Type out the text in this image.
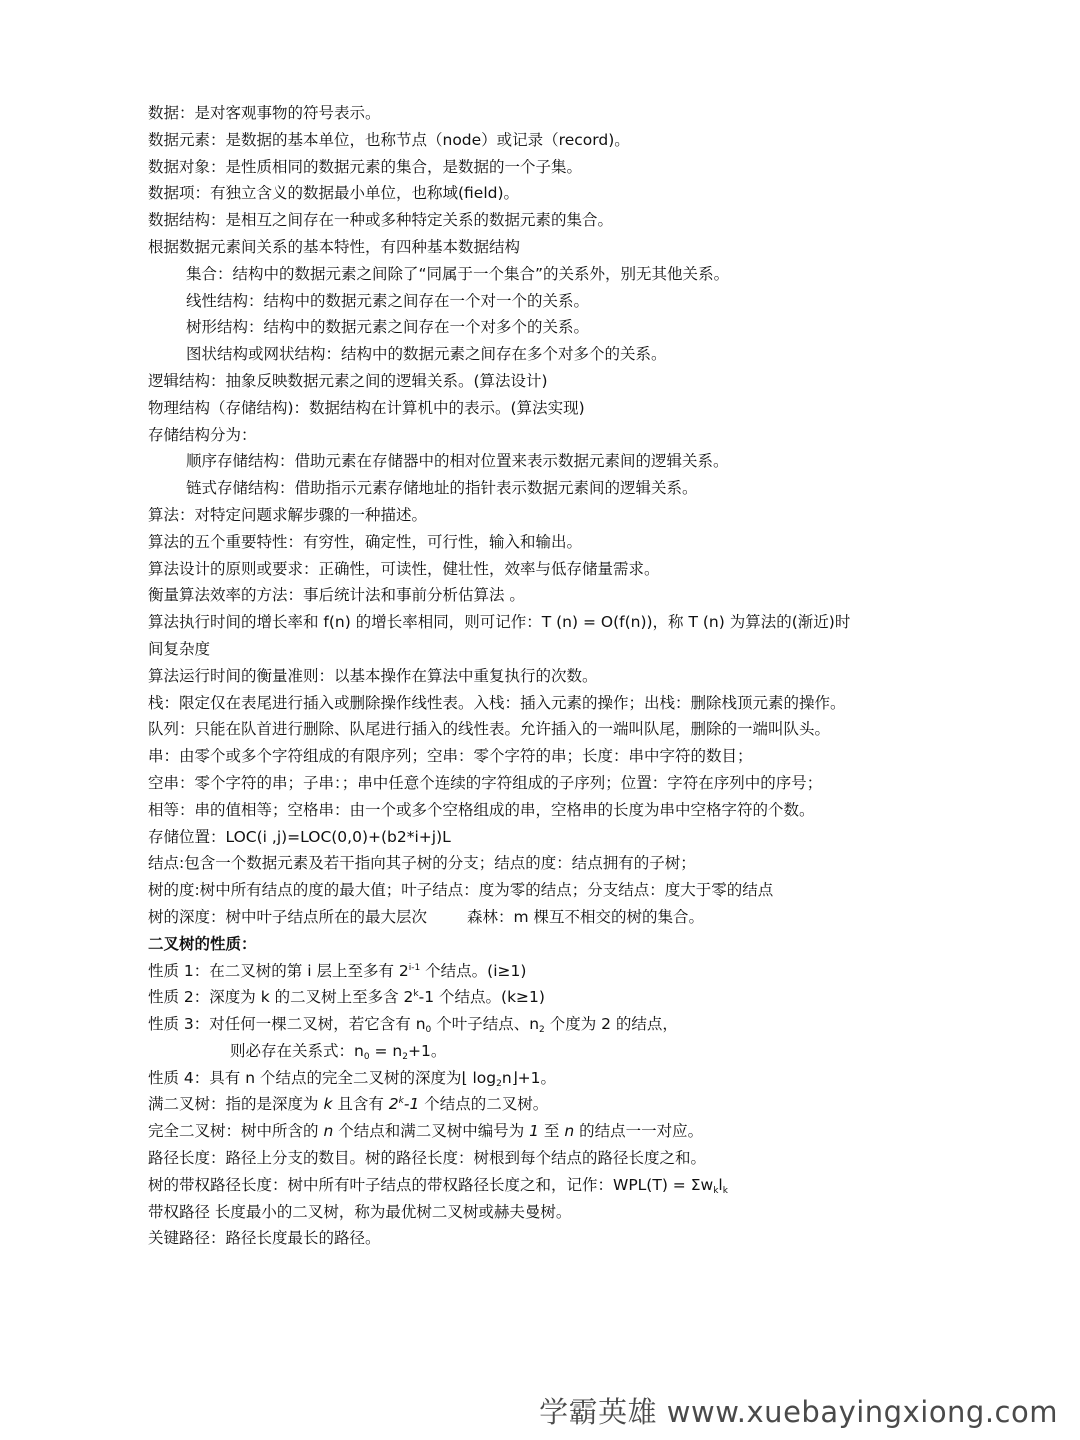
数据：是对客观事物的符号表示。
数据元素：是数据的基本单位，也称节点（node）或记录（record)。
数据对象：是性质相同的数据元素的集合，是数据的一个子集。
数据项：有独立含义的数据最小单位，也称域(field)。
数据结构：是相互之间存在一种或多种特定关系的数据元素的集合。
根据数据元素间关系的基本特性，有四种基本数据结构
集合：结构中的数据元素之间除了“同属于一个集合”的关系外，别无其他关系。
线性结构：结构中的数据元素之间存在一个对一个的关系。
树形结构：结构中的数据元素之间存在一个对多个的关系。
图状结构或网状结构：结构中的数据元素之间存在多个对多个的关系。
逻辑结构：抽象反映数据元素之间的逻辑关系。(算法设计)
物理结构（存储结构)：数据结构在计算机中的表示。(算法实现)
存储结构分为：
顺序存储结构：借助元素在存储器中的相对位置来表示数据元素间的逻辑关系。
链式存储结构：借助指示元素存储地址的指针表示数据元素间的逻辑关系。
算法：对特定问题求解步骤的一种描述。
算法的五个重要特性：有穷性，确定性，可行性，输入和输出。
算法设计的原则或要求：正确性，可读性，健壮性，效率与低存储量需求。
衡量算法效率的方法：事后统计法和事前分析估算法 。
算法执行时间的增长率和 f(n) 的增长率相同，则可记作：T (n) = O(f(n))，称 T (n) 为算法的(渐近)时
间复杂度
算法运行时间的衡量准则：以基本操作在算法中重复执行的次数。
栈：限定仅在表尾进行插入或删除操作线性表。入栈：插入元素的操作；出栈：删除栈顶元素的操作。
队列：只能在队首进行删除、队尾进行插入的线性表。允许插入的一端叫队尾，删除的一端叫队头。
串：由零个或多个字符组成的有限序列；空串：零个字符的串；长度：串中字符的数目；
空串：零个字符的串；子串：；串中任意个连续的字符组成的子序列；位置：字符在序列中的序号；
相等：串的值相等；空格串：由一个或多个空格组成的串，空格串的长度为串中空格字符的个数。
存储位置：LOC(i ,j)=LOC(0,0)+(b2*i+j)L
结点:包含一个数据元素及若干指向其子树的分支；结点的度：结点拥有的子树；
树的度:树中所有结点的度的最大值；叶子结点：度为零的结点；分支结点：度大于零的结点
树的深度：树中叶子结点所在的最大层次	森林：m 棵互不相交的树的集合。
二叉树的性质：
性质 1：在二叉树的第 i 层上至多有 2$^{i-1}$ 个结点。(i≥1)
性质 2：深度为 k 的二叉树上至多含 2$^k$-1 个结点。(k≥1)
性质 3：对任何一棵二叉树，若它含有 $n_0$ 个叶子结点、$n_2$ 个度为 2 的结点，
则必存在关系式：$n_0 = n_2+1$。
性质 4：具有 n 个结点的完全二叉树的深度为⌊ $\log_2n⌋+1$。
满二叉树：指的是深度为 k 且含有 2$^k$-1 个结点的二叉树。
完全二叉树：树中所含的 n 个结点和满二叉树中编号为 1 至 n 的结点一一对应。
路径长度：路径上分支的数目。树的路径长度：树根到每个结点的路径长度之和。
树的带权路径长度：树中所有叶子结点的带权路径长度之和，记作：$WPL(T) = \Sigma w_kl_k$
带权路径 长度最小的二叉树，称为最优树二叉树或赫夫曼树。
关键路径：路径长度最长的路径。
学霸英雄 www.xuebayingxiong.com
